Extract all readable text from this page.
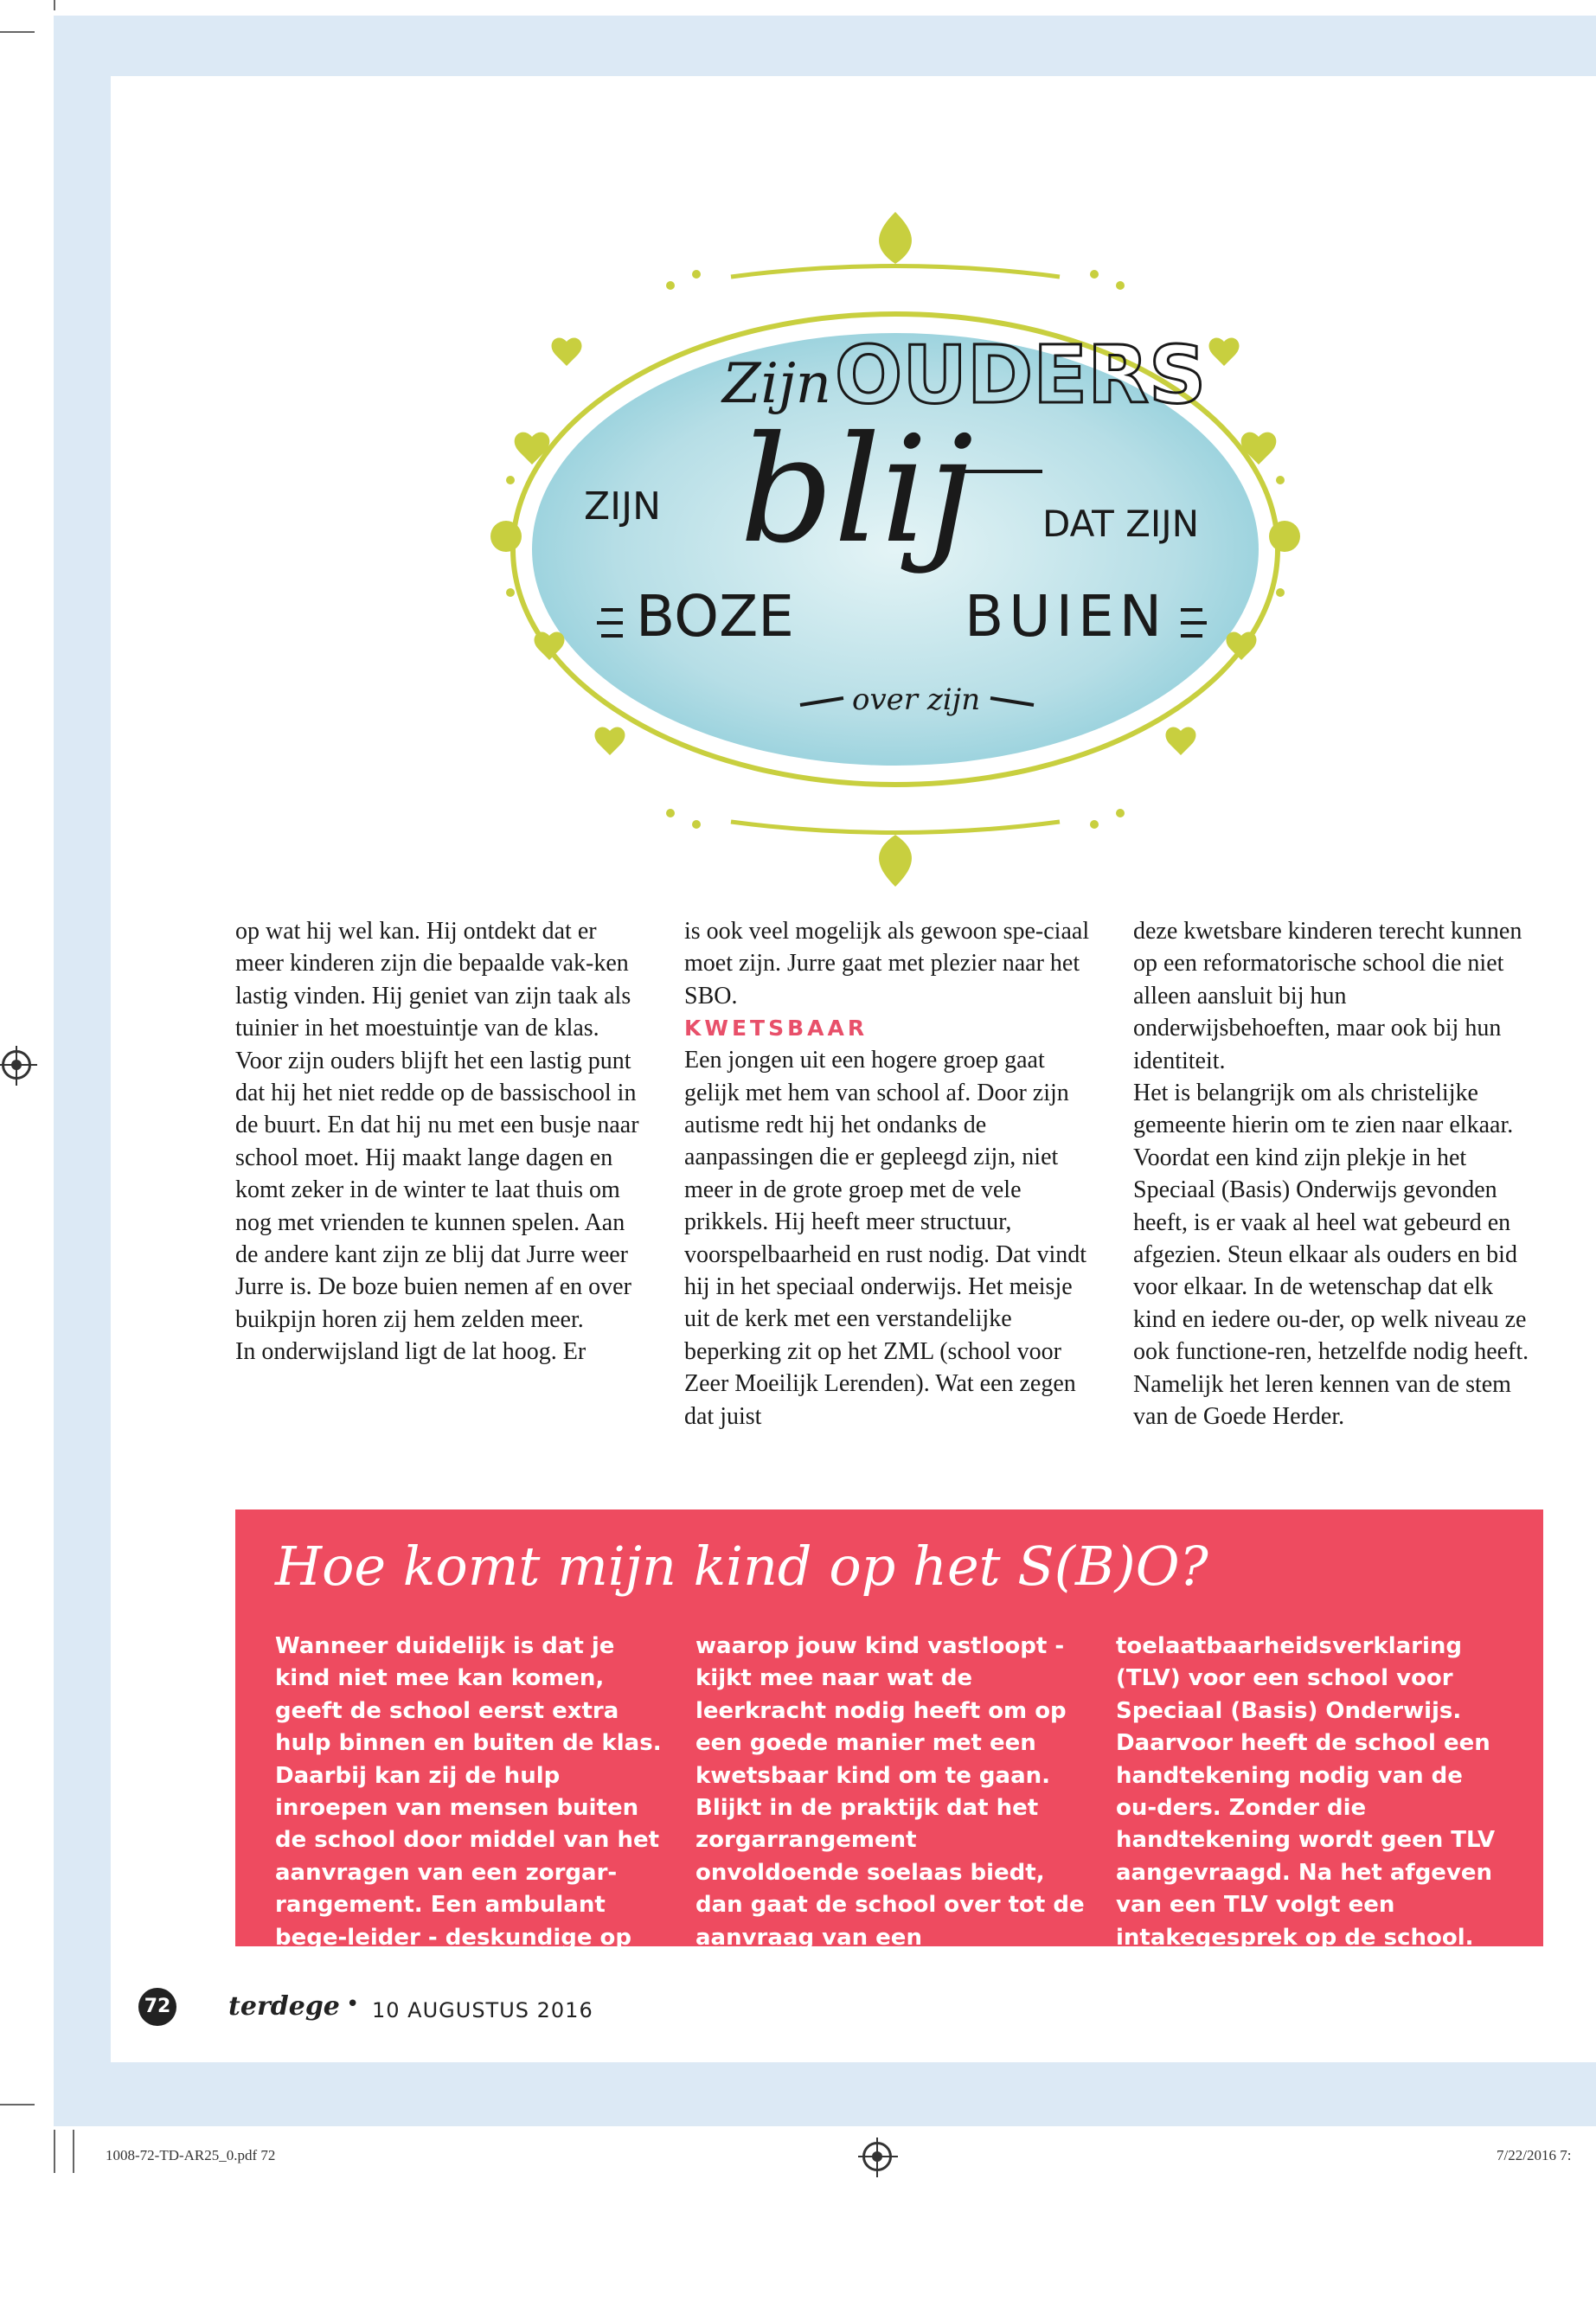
Zijn OUDERS
ZIJN blij DAT ZIJN
BOZE	BUIEN
over zijn

op wat hij wel kan. Hij ontdekt dat er meer kinderen zijn die bepaalde vak-ken lastig vinden. Hij geniet van zijn taak als tuinier in het moestuintje van de klas.

Voor zijn ouders blijft het een lastig punt dat hij het niet redde op de bassischool in de buurt. En dat hij nu met een busje naar school moet. Hij maakt lange dagen en komt zeker in de winter te laat thuis om nog met vrienden te kunnen spelen. Aan de andere kant zijn ze blij dat Jurre weer Jurre is. De boze buien nemen af en over buikpijn horen zij hem zelden meer.

In onderwijsland ligt de lat hoog. Er

is ook veel mogelijk als gewoon spe-ciaal moet zijn. Jurre gaat met plezier naar het SBO.

KWETSBAAR

Een jongen uit een hogere groep gaat gelijk met hem van school af. Door zijn autisme redt hij het ondanks de aanpassingen die er gepleegd zijn, niet meer in de grote groep met de vele prikkels. Hij heeft meer structuur, voorspelbaarheid en rust nodig. Dat vindt hij in het speciaal onderwijs. Het meisje uit de kerk met een verstandelijke beperking zit op het ZML (school voor Zeer Moeilijk Lerenden). Wat een zegen dat juist

deze kwetsbare kinderen terecht kunnen op een reformatorische school die niet alleen aansluit bij hun onderwijsbehoeften, maar ook bij hun identiteit.

Het is belangrijk om als christelijke gemeente hierin om te zien naar elkaar. Voordat een kind zijn plekje in het Speciaal (Basis) Onderwijs gevonden heeft, is er vaak al heel wat gebeurd en afgezien. Steun elkaar als ouders en bid voor elkaar. In de wetenschap dat elk kind en iedere ou-der, op welk niveau ze ook functione-ren, hetzelfde nodig heeft. Namelijk het leren kennen van de stem van de Goede Herder.

Hoe komt mijn kind op het S(B)O?

Wanneer duidelijk is dat je kind niet mee kan komen, geeft de school eerst extra hulp binnen en buiten de klas. Daarbij kan zij de hulp inroepen van mensen buiten de school door middel van het aanvragen van een zorgar-rangement. Een ambulant bege-leider - deskundige op het gebied

waarop jouw kind vastloopt - kijkt mee naar wat de leerkracht nodig heeft om op een goede manier met een kwetsbaar kind om te gaan.

Blijkt in de praktijk dat het zorgarrangement onvoldoende soelaas biedt, dan gaat de school over tot de aanvraag van een

toelaatbaarheidsverklaring (TLV) voor een school voor Speciaal (Basis) Onderwijs.

Daarvoor heeft de school een handtekening nodig van de ou-ders. Zonder die handtekening wordt geen TLV aangevraagd. Na het afgeven van een TLV volgt een intakegesprek op de school.

72 terdege • 10 AUGUSTUS 2016
1008-72-TD-AR25_0.pdf 72	7/22/2016 7:
